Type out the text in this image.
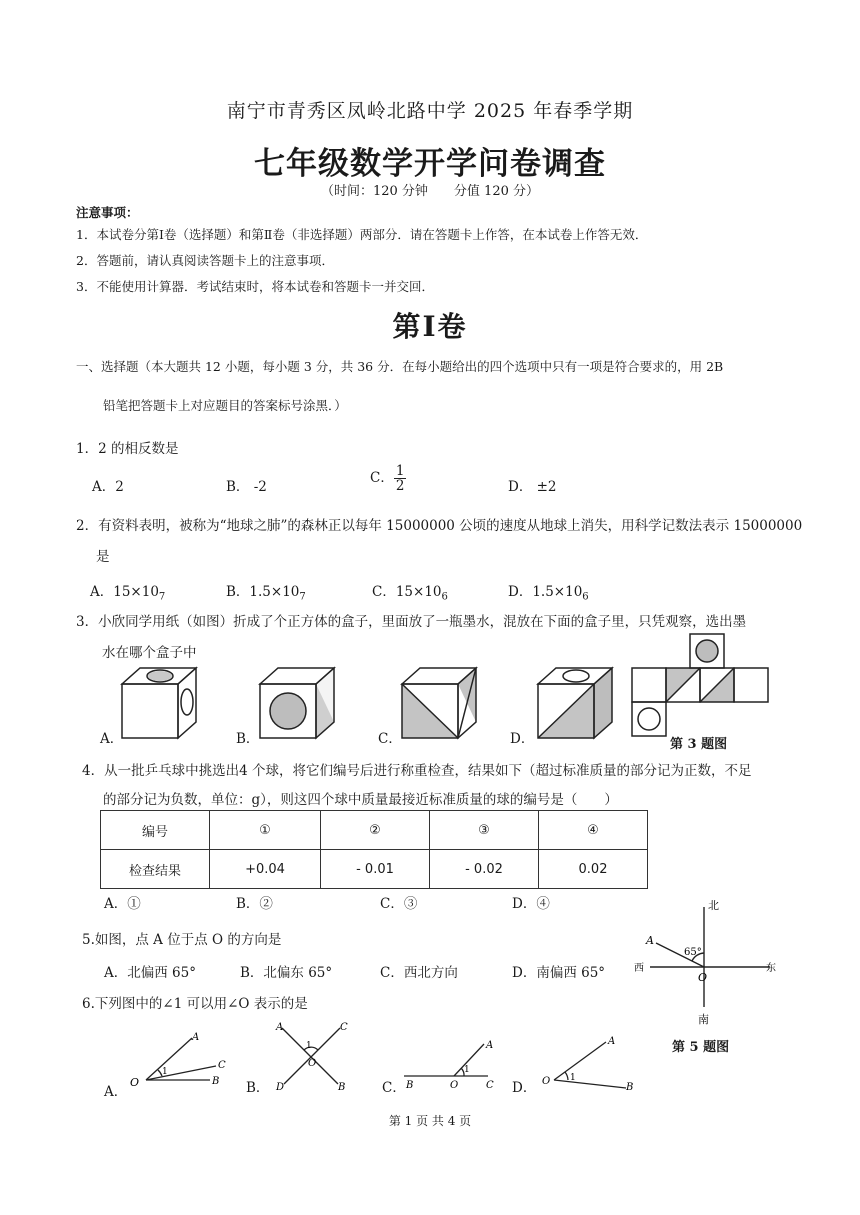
南宁市青秀区凤岭北路中学 2025 年春季学期
七年级数学开学问卷调查
（时间：120 分钟　　分值 120 分）
注意事项：
1．本试卷分第Ⅰ卷（选择题）和第Ⅱ卷（非选择题）两部分．请在答题卡上作答，在本试卷上作答无效．
2．答题前，请认真阅读答题卡上的注意事项．
3．不能使用计算器．考试结束时，将本试卷和答题卡一并交回．
第Ⅰ卷
一、选择题（本大题共 12 小题，每小题 3 分，共 36 分．在每小题给出的四个选项中只有一项是符合要求的，用 2B
铅笔把答题卡上对应题目的答案标号涂黑．）
1．2 的相反数是
A．2	B． -2
C． $\frac{1}{2}$	D． ±2
2．有资料表明，被称为“地球之肺”的森林正以每年 15000000 公顷的速度从地球上消失，用科学记数法表示 15000000
是
A．$15\times 10_7$	B．$1.5\times 10_7$	C．$15\times 10_6$	D．$1.5\times 10_6$
3．小欣同学用纸（如图）折成了个正方体的盒子，里面放了一瓶墨水，混放在下面的盒子里，只凭观察，选出墨
水在哪个盒子中
A．	B．	C．	D．	第 3 题图
4．从一批乒乓球中挑选出4 个球，将它们编号后进行称重检查，结果如下（超过标准质量的部分记为正数，不足
的部分记为负数，单位：g），则这四个球中质量最接近标准质量的球的编号是（　　）
编号	①	②	③	④
检查结果	+0.04	- 0.01	- 0.02	0.02
A．①	B．②	C．③	D．④
5.如图，点 A 位于点 O 的方向是
A．北偏西 65°	B．北偏东 65°	C．西北方向	D．南偏西 65°
北
南
西	东
65°
A
O
第 5 题图
6.下列图中的∠1 可以用∠O 表示的是
A．
O
A
C
B
1
B．
A	C
1
O
D	B	C． B	O	C
A
1
D． O
A
B
1
第 1 页 共 4 页
